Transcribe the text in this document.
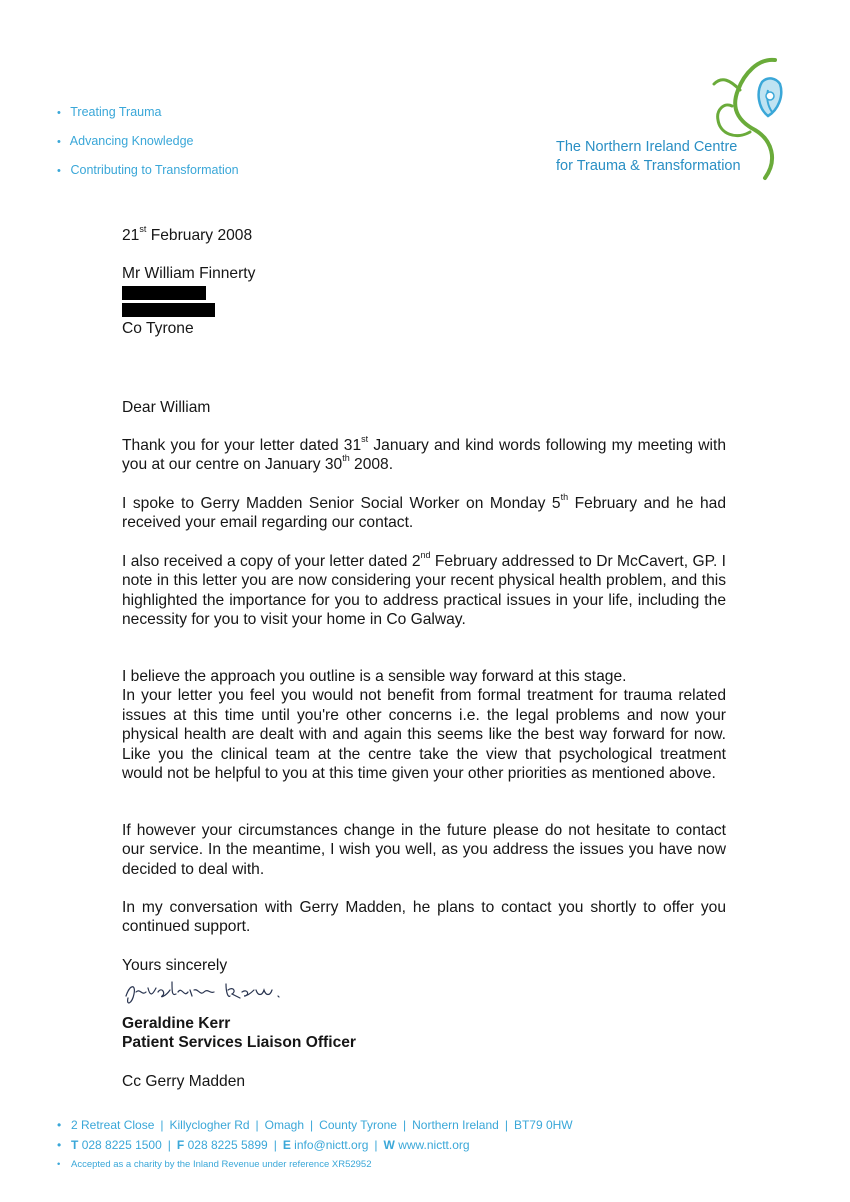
• Treating Trauma
• Advancing Knowledge
• Contributing to Transformation
The Northern Ireland Centre
for Trauma & Transformation
21st February 2008
Mr William Finnerty
Co Tyrone
Dear William

Thank you for your letter dated 31st January and kind words following my meeting with you at our centre on January 30th 2008.

I spoke to Gerry Madden Senior Social Worker on Monday 5th February and he had received your email regarding our contact.

I also received a copy of your letter dated 2nd February addressed to Dr McCavert, GP. I note in this letter you are now considering your recent physical health problem, and this highlighted the importance for you to address practical issues in your life, including the necessity for you to visit your home in Co Galway.

I believe the approach you outline is a sensible way forward at this stage.

In your letter you feel you would not benefit from formal treatment for trauma related issues at this time until you're other concerns i.e. the legal problems and now your physical health are dealt with and again this seems like the best way forward for now. Like you the clinical team at the centre take the view that psychological treatment would not be helpful to you at this time given your other priorities as mentioned above.

If however your circumstances change in the future please do not hesitate to contact our service. In the meantime, I wish you well, as you address the issues you have now decided to deal with.

In my conversation with Gerry Madden, he plans to contact you shortly to offer you continued support.

Yours sincerely
Geraldine Kerr
Patient Services Liaison Officer
Cc Gerry Madden
• 2 Retreat Close | Killyclogher Rd | Omagh | County Tyrone | Northern Ireland | BT79 0HW
• T 028 8225 1500 | F 028 8225 5899 | E info@nictt.org | W www.nictt.org
• Accepted as a charity by the Inland Revenue under reference XR52952
